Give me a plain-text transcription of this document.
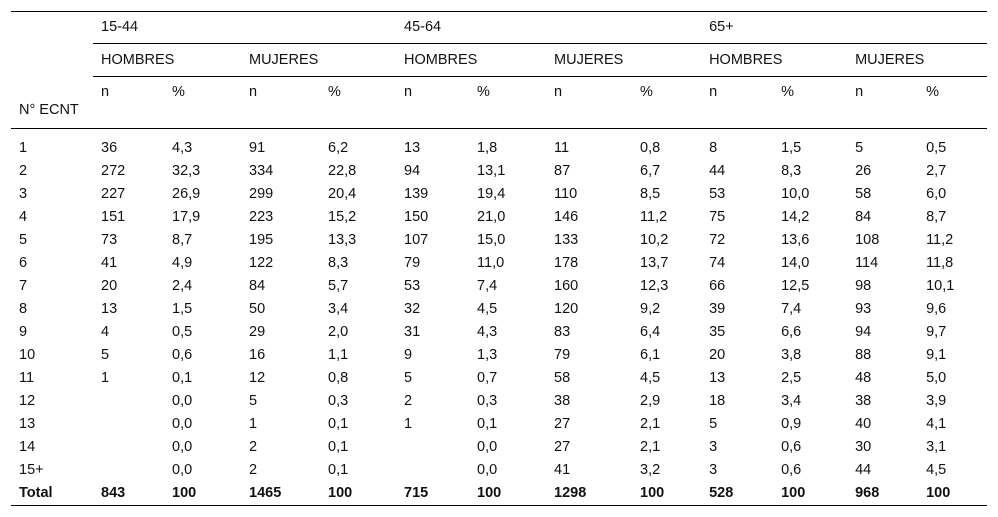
N° ECNT	15-44				45-64				65+			
	HOMBRES		MUJERES		HOMBRES		MUJERES		HOMBRES		MUJERES	
	n	%	n	%	n	%	n	%	n	%	n	%

1	36	4,3	91	6,2	13	1,8	11	0,8	8	1,5	5	0,5
2	272	32,3	334	22,8	94	13,1	87	6,7	44	8,3	26	2,7
3	227	26,9	299	20,4	139	19,4	110	8,5	53	10,0	58	6,0
4	151	17,9	223	15,2	150	21,0	146	11,2	75	14,2	84	8,7
5	73	8,7	195	13,3	107	15,0	133	10,2	72	13,6	108	11,2
6	41	4,9	122	8,3	79	11,0	178	13,7	74	14,0	114	11,8
7	20	2,4	84	5,7	53	7,4	160	12,3	66	12,5	98	10,1
8	13	1,5	50	3,4	32	4,5	120	9,2	39	7,4	93	9,6
9	4	0,5	29	2,0	31	4,3	83	6,4	35	6,6	94	9,7
10	5	0,6	16	1,1	9	1,3	79	6,1	20	3,8	88	9,1
11	1	0,1	12	0,8	5	0,7	58	4,5	13	2,5	48	5,0
12		0,0	5	0,3	2	0,3	38	2,9	18	3,4	38	3,9
13		0,0	1	0,1	1	0,1	27	2,1	5	0,9	40	4,1
14		0,0	2	0,1		0,0	27	2,1	3	0,6	30	3,1
15+		0,0	2	0,1		0,0	41	3,2	3	0,6	44	4,5
Total	843	100	1465	100	715	100	1298	100	528	100	968	100
